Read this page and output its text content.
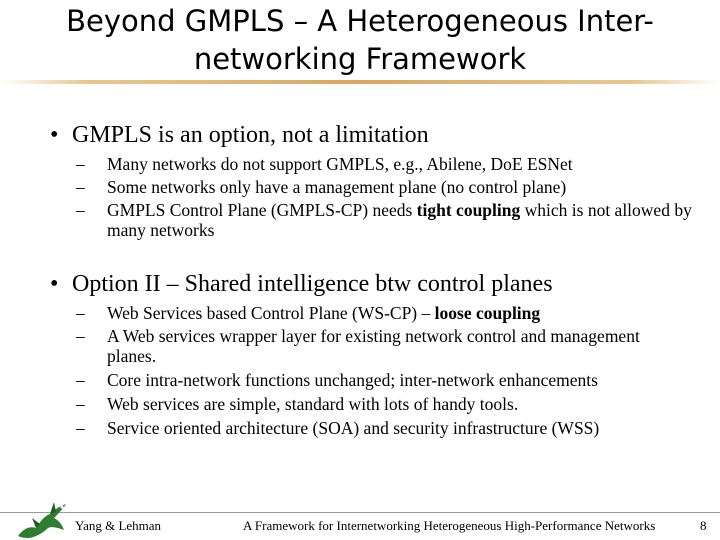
Beyond GMPLS – A Heterogeneous Inter-
networking Framework
• GMPLS is an option, not a limitation
– Many networks do not support GMPLS, e.g., Abilene, DoE ESNet
– Some networks only have a management plane (no control plane)
– GMPLS Control Plane (GMPLS-CP) needs tight coupling which is not allowed by many networks
• Option II – Shared intelligence btw control planes
– Web Services based Control Plane (WS-CP) – loose coupling
– A Web services wrapper layer for existing network control and management planes.
– Core intra-network functions unchanged; inter-network enhancements
– Web services are simple, standard with lots of handy tools.
– Service oriented architecture (SOA) and security infrastructure (WSS)
Yang & Lehman	A Framework for Internetworking Heterogeneous High-Performance Networks	8
